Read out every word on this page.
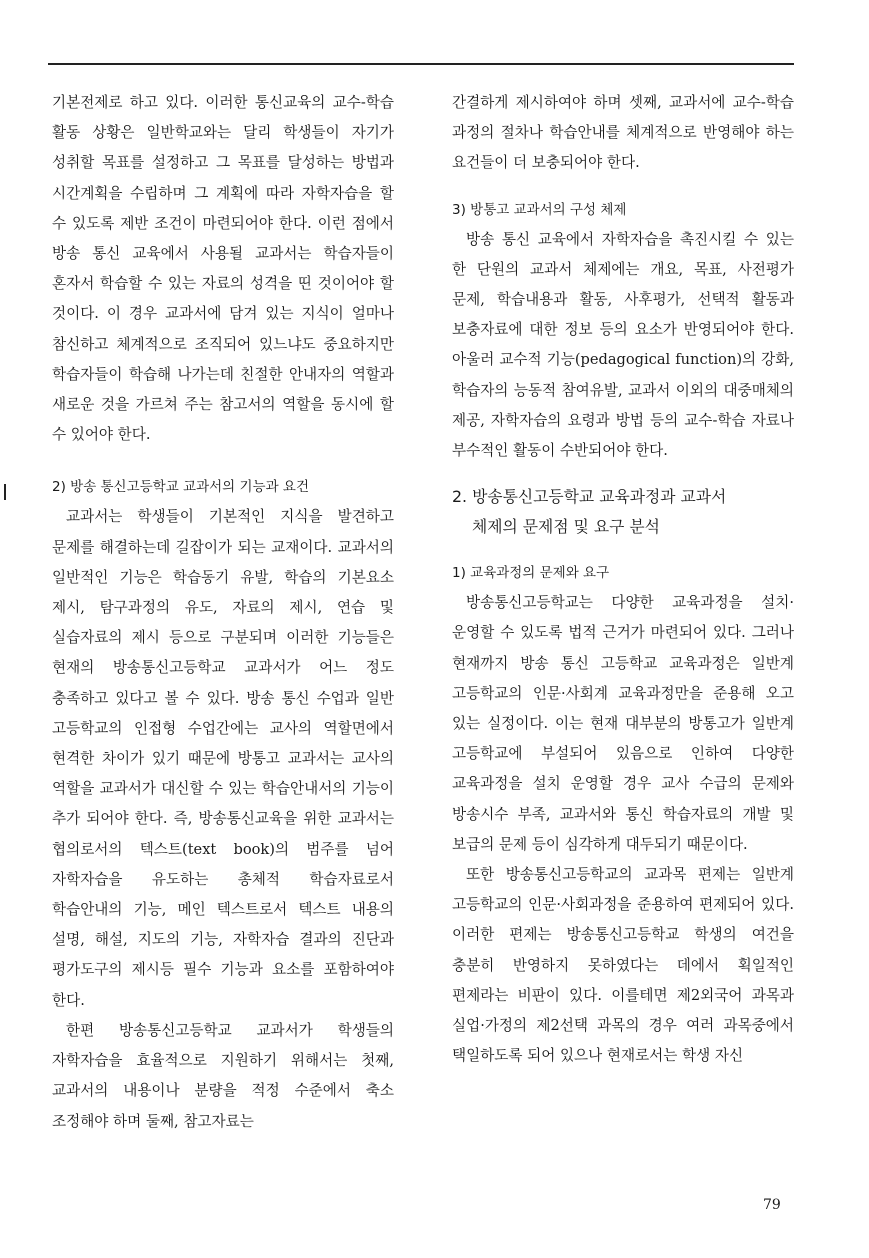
기본전제로 하고 있다. 이러한 통신교육의 교수-학습 활동 상황은 일반학교와는 달리 학생들이 자기가 성취할 목표를 설정하고 그 목표를 달성하는 방법과 시간계획을 수립하며 그 계획에 따라 자학자습을 할 수 있도록 제반 조건이 마련되어야 한다. 이런 점에서 방송 통신 교육에서 사용될 교과서는 학습자들이 혼자서 학습할 수 있는 자료의 성격을 띤 것이어야 할 것이다. 이 경우 교과서에 담겨 있는 지식이 얼마나 참신하고 체계적으로 조직되어 있느냐도 중요하지만 학습자들이 학습해 나가는데 친절한 안내자의 역할과 새로운 것을 가르쳐 주는 참고서의 역할을 동시에 할 수 있어야 한다.

2) 방송 통신고등학교 교과서의 기능과 요건

교과서는 학생들이 기본적인 지식을 발견하고 문제를 해결하는데 길잡이가 되는 교재이다. 교과서의 일반적인 기능은 학습동기 유발, 학습의 기본요소 제시, 탐구과정의 유도, 자료의 제시, 연습 및 실습자료의 제시 등으로 구분되며 이러한 기능들은 현재의 방송통신고등학교 교과서가 어느 정도 충족하고 있다고 볼 수 있다. 방송 통신 수업과 일반 고등학교의 인접형 수업간에는 교사의 역할면에서 현격한 차이가 있기 때문에 방통고 교과서는 교사의 역할을 교과서가 대신할 수 있는 학습안내서의 기능이 추가 되어야 한다. 즉, 방송통신교육을 위한 교과서는 협의로서의 텍스트(text book)의 범주를 넘어 자학자습을 유도하는 총체적 학습자료로서 학습안내의 기능, 메인 텍스트로서 텍스트 내용의 설명, 해설, 지도의 기능, 자학자습 결과의 진단과 평가도구의 제시등 필수 기능과 요소를 포함하여야 한다.

한편 방송통신고등학교 교과서가 학생들의 자학자습을 효율적으로 지원하기 위해서는 첫째, 교과서의 내용이나 분량을 적정 수준에서 축소 조정해야 하며 둘째, 참고자료는

간결하게 제시하여야 하며 셋째, 교과서에 교수-학습 과정의 절차나 학습안내를 체계적으로 반영해야 하는 요건들이 더 보충되어야 한다.

3) 방통고 교과서의 구성 체제

방송 통신 교육에서 자학자습을 촉진시킬 수 있는 한 단원의 교과서 체제에는 개요, 목표, 사전평가 문제, 학습내용과 활동, 사후평가, 선택적 활동과 보충자료에 대한 정보 등의 요소가 반영되어야 한다. 아울러 교수적 기능(pedagogical function)의 강화, 학습자의 능동적 참여유발, 교과서 이외의 대중매체의 제공, 자학자습의 요령과 방법 등의 교수-학습 자료나 부수적인 활동이 수반되어야 한다.

2. 방송통신고등학교 교육과정과 교과서
체제의 문제점 및 요구 분석

1) 교육과정의 문제와 요구

방송통신고등학교는 다양한 교육과정을 설치·운영할 수 있도록 법적 근거가 마련되어 있다. 그러나 현재까지 방송 통신 고등학교 교육과정은 일반계 고등학교의 인문·사회계 교육과정만을 준용해 오고 있는 실정이다. 이는 현재 대부분의 방통고가 일반계 고등학교에 부설되어 있음으로 인하여 다양한 교육과정을 설치 운영할 경우 교사 수급의 문제와 방송시수 부족, 교과서와 통신 학습자료의 개발 및 보급의 문제 등이 심각하게 대두되기 때문이다.

또한 방송통신고등학교의 교과목 편제는 일반계 고등학교의 인문·사회과정을 준용하여 편제되어 있다. 이러한 편제는 방송통신고등학교 학생의 여건을 충분히 반영하지 못하였다는 데에서 획일적인 편제라는 비판이 있다. 이를테면 제2외국어 과목과 실업·가정의 제2선택 과목의 경우 여러 과목중에서 택일하도록 되어 있으나 현재로서는 학생 자신

79
